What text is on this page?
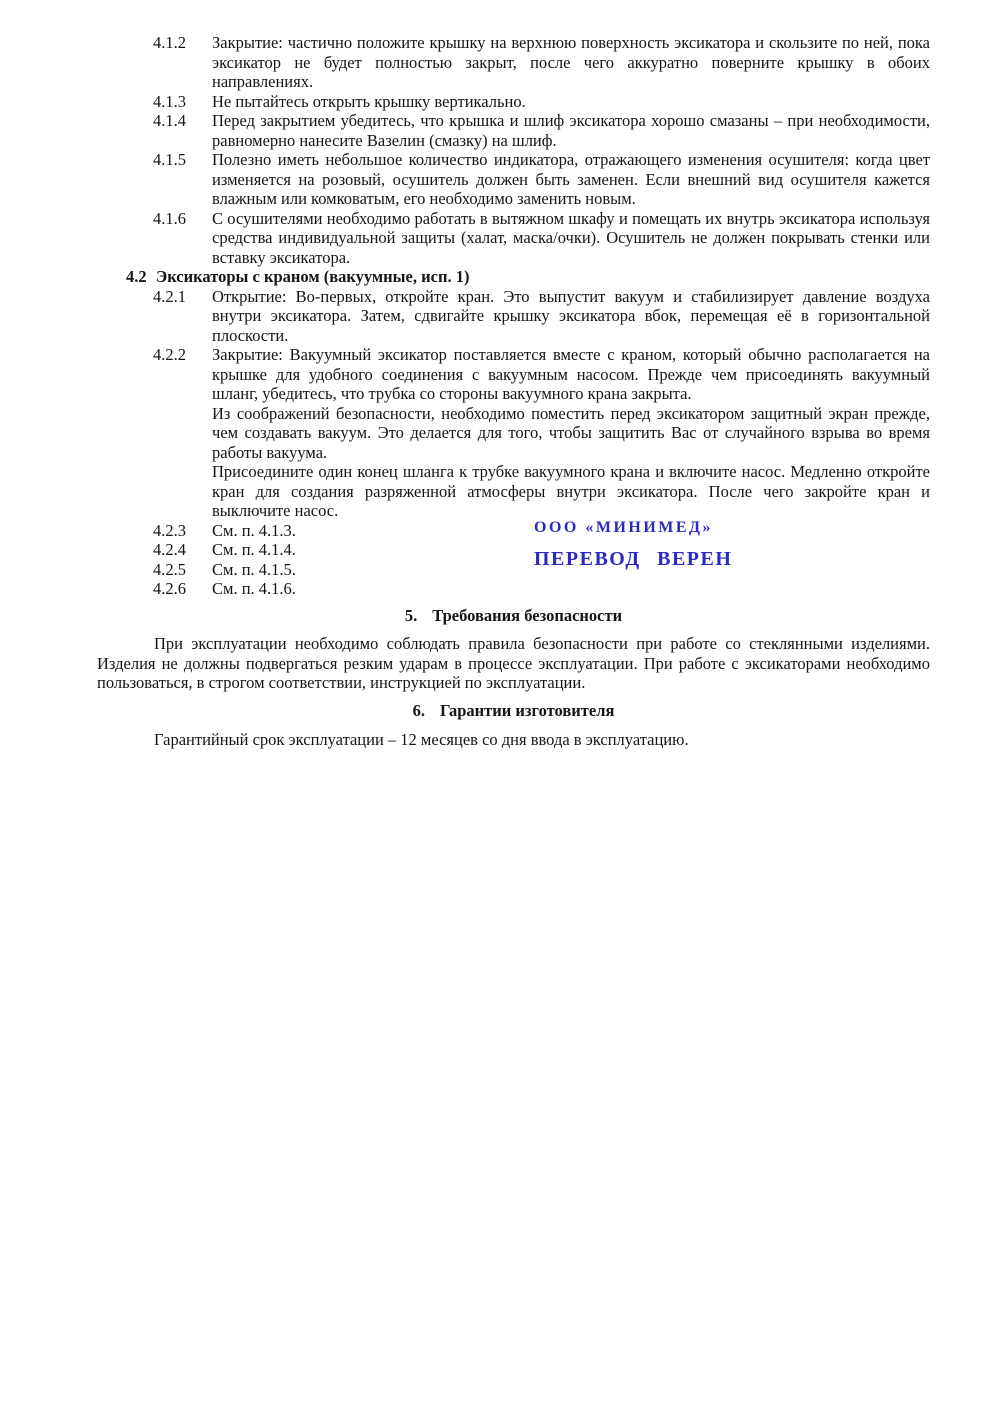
4.1.2	Закрытие: частично положите крышку на верхнюю поверхность эксикатора и скользите по ней, пока эксикатор не будет полностью закрыт, после чего аккуратно поверните крышку в обоих направлениях.
4.1.3	Не пытайтесь открыть крышку вертикально.
4.1.4	Перед закрытием убедитесь, что крышка и шлиф эксикатора хорошо смазаны – при необходимости, равномерно нанесите Вазелин (смазку) на шлиф.
4.1.5	Полезно иметь небольшое количество индикатора, отражающего изменения осушителя: когда цвет изменяется на розовый, осушитель должен быть заменен. Если внешний вид осушителя кажется влажным или комковатым, его необходимо заменить новым.
4.1.6	С осушителями необходимо работать в вытяжном шкафу и помещать их внутрь эксикатора используя средства индивидуальной защиты (халат, маска/очки). Осушитель не должен покрывать стенки или вставку эксикатора.
4.2 Эксикаторы с краном (вакуумные, исп. 1)
4.2.1	Открытие: Во-первых, откройте кран. Это выпустит вакуум и стабилизирует давление воздуха внутри эксикатора. Затем, сдвигайте крышку эксикатора вбок, перемещая её в горизонтальной плоскости.
4.2.2	Закрытие: Вакуумный эксикатор поставляется вместе с краном, который обычно располагается на крышке для удобного соединения с вакуумным насосом. Прежде чем присоединять вакуумный шланг, убедитесь, что трубка со стороны вакуумного крана закрыта.

Из соображений безопасности, необходимо поместить перед эксикатором защитный экран прежде, чем создавать вакуум. Это делается для того, чтобы защитить Вас от случайного взрыва во время работы вакуума.

Присоедините один конец шланга к трубке вакуумного крана и включите насос. Медленно откройте кран для создания разряженной атмосферы внутри эксикатора. После чего закройте кран и выключите насос.

4.2.3	См. п. 4.1.3.
4.2.4	См. п. 4.1.4.
4.2.5	См. п. 4.1.5.
4.2.6	См. п. 4.1.6.
ООО «МИНИМЕД»
ПЕРЕВОД ВЕРЕН
5. Требования безопасности

При эксплуатации необходимо соблюдать правила безопасности при работе со стеклянными изделиями. Изделия не должны подвергаться резким ударам в процессе эксплуатации. При работе с эксикаторами необходимо пользоваться, в строгом соответствии, инструкцией по эксплуатации.

6. Гарантии изготовителя

Гарантийный срок эксплуатации – 12 месяцев со дня ввода в эксплуатацию.
